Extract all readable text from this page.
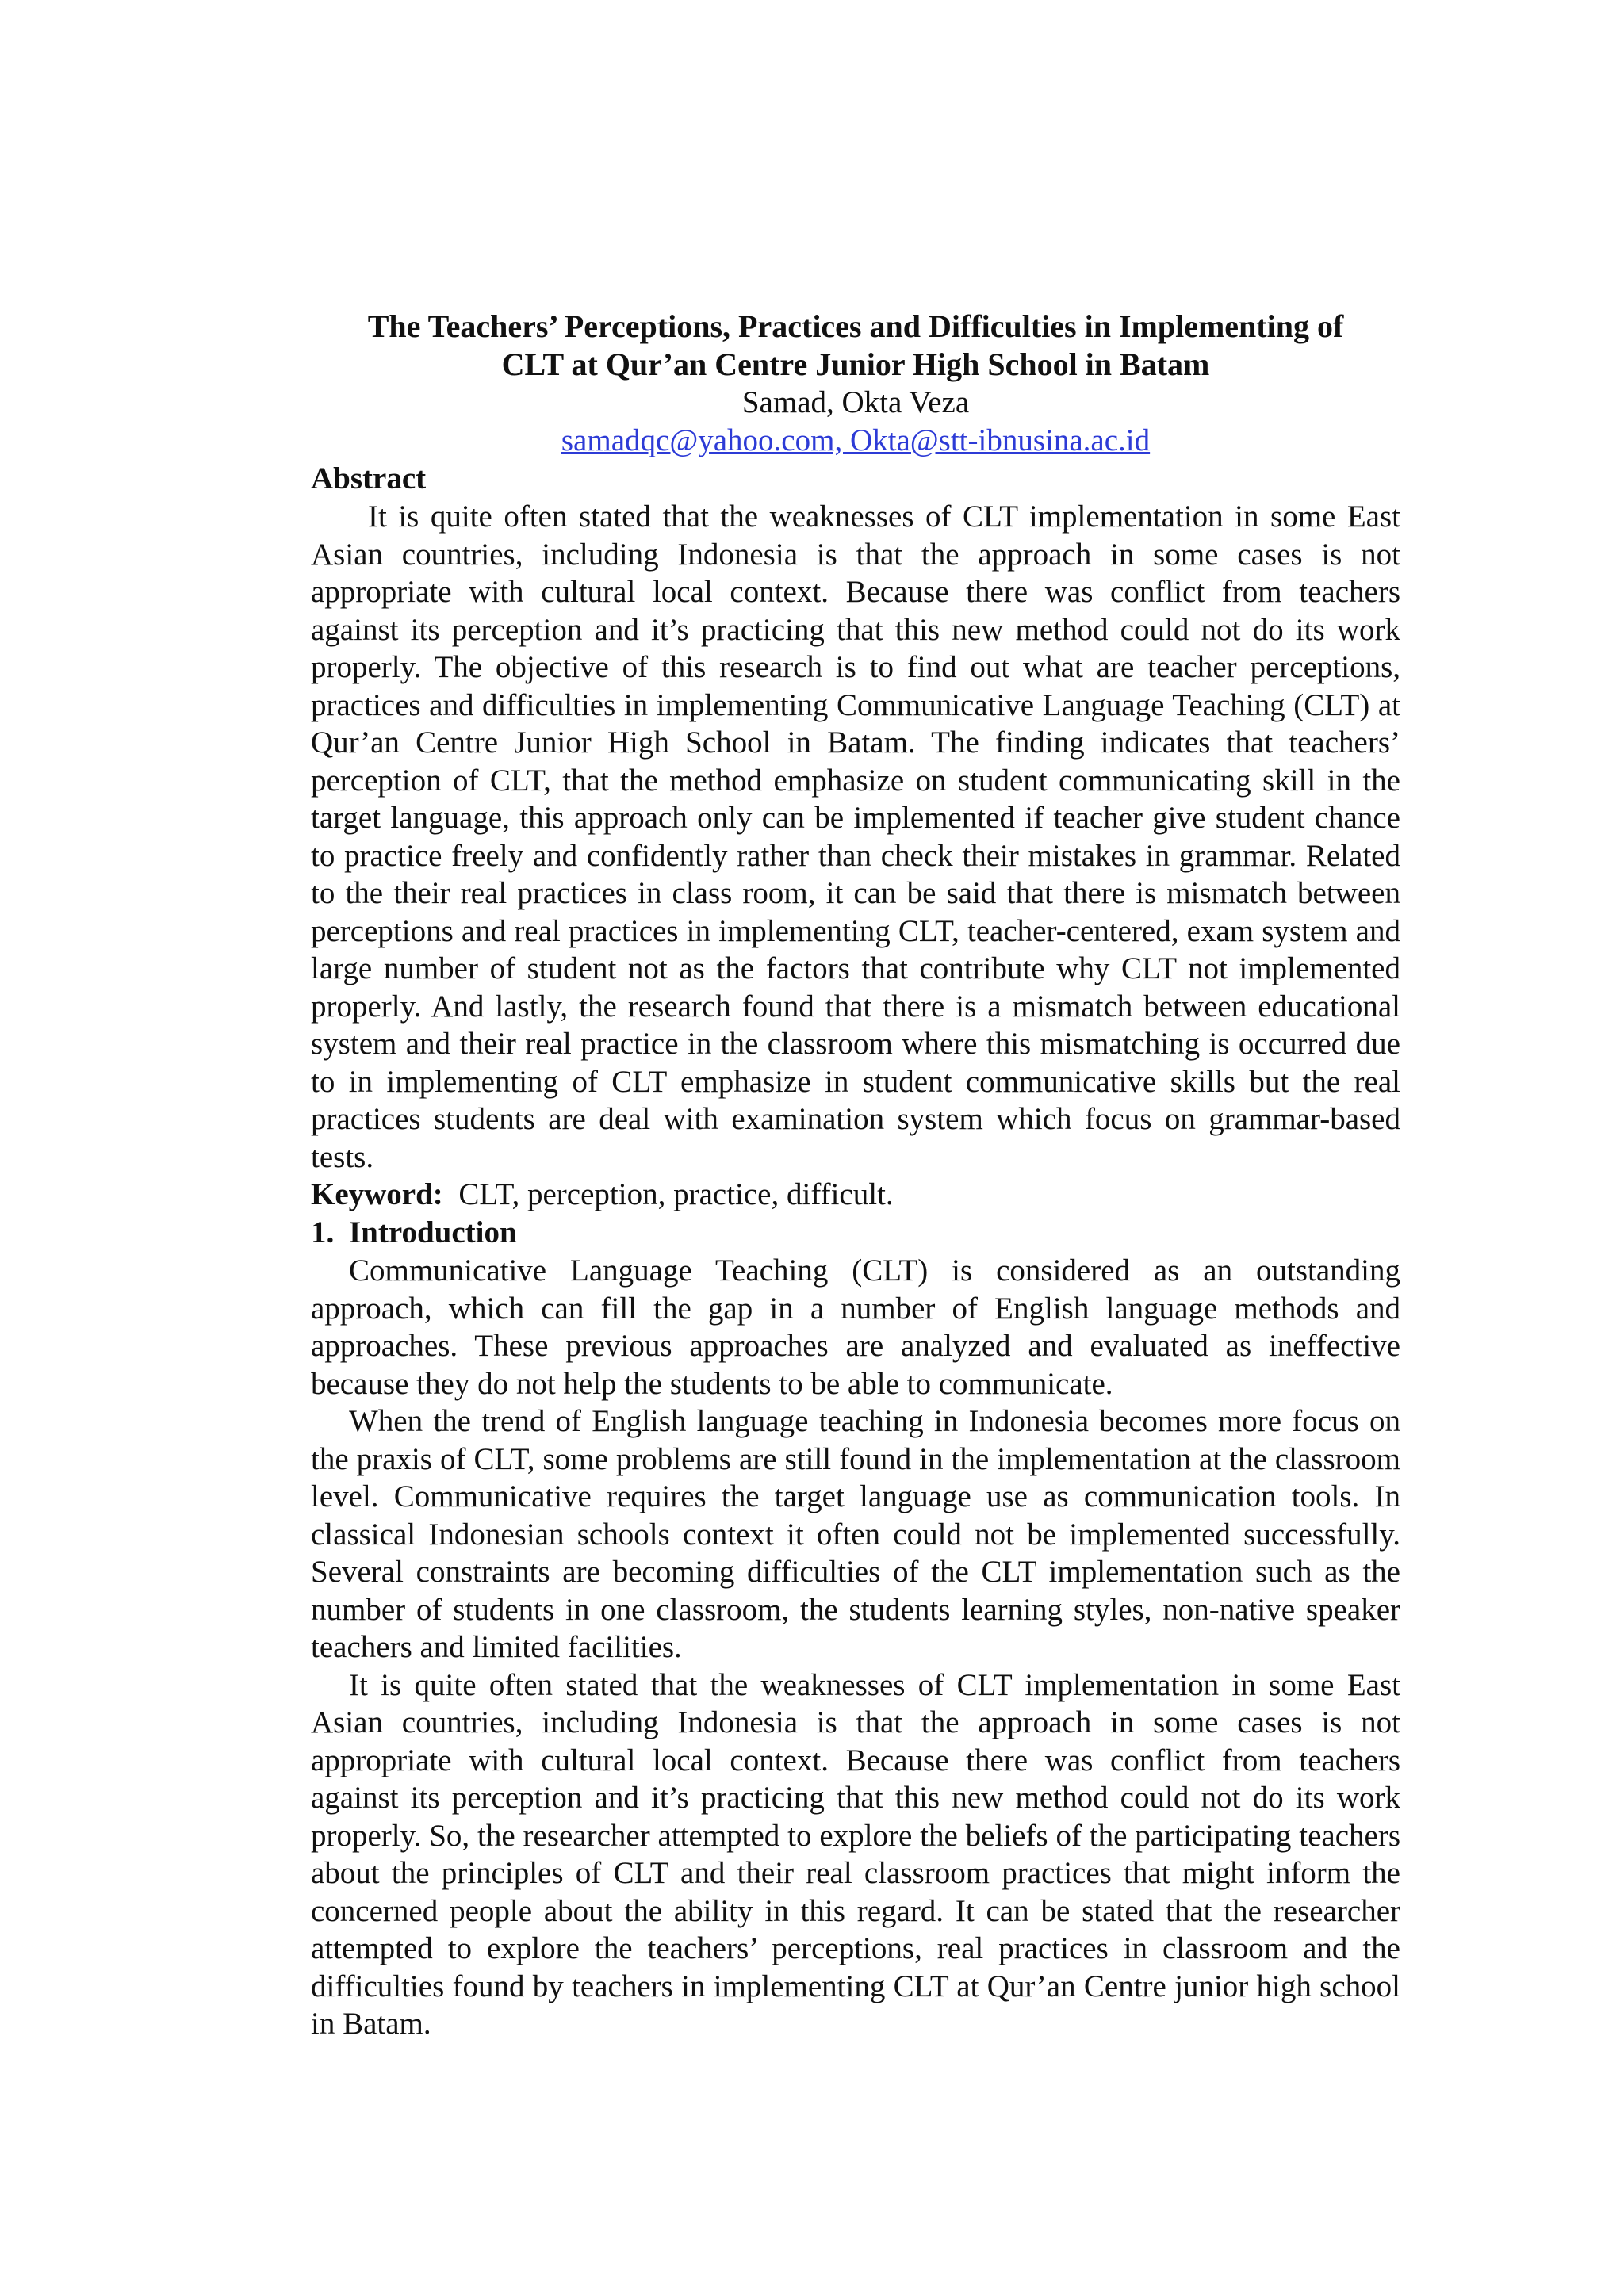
The Teachers’ Perceptions, Practices and Difficulties in Implementing of

CLT at Qur’an Centre Junior High School in Batam

Samad, Okta Veza

samadqc@yahoo.com, Okta@stt-ibnusina.ac.id

Abstract

It is quite often stated that the weaknesses of CLT implementation in some East Asian countries, including Indonesia is that the approach in some cases is not appropriate with cultural local context. Because there was conflict from teachers against its perception and it’s practicing that this new method could not do its work properly. The objective of this research is to find out what are teacher perceptions, practices and difficulties in implementing Communicative Language Teaching (CLT) at Qur’an Centre Junior High School in Batam. The finding indicates that teachers’ perception of CLT, that the method emphasize on student communicating skill in the target language, this approach only can be implemented if teacher give student chance to practice freely and confidently rather than check their mistakes in grammar. Related to the their real practices in class room, it can be said that there is mismatch between perceptions and real practices in implementing CLT, teacher-centered, exam system and large number of student not as the factors that contribute why CLT not implemented properly. And lastly, the research found that there is a mismatch between educational system and their real practice in the classroom where this mismatching is occurred due to in implementing of CLT emphasize in student communicative skills but the real practices students are deal with examination system which focus on grammar-based tests.

Keyword: CLT, perception, practice, difficult.

1. Introduction

Communicative Language Teaching (CLT) is considered as an outstanding approach, which can fill the gap in a number of English language methods and approaches. These previous approaches are analyzed and evaluated as ineffective because they do not help the students to be able to communicate.

When the trend of English language teaching in Indonesia becomes more focus on the praxis of CLT, some problems are still found in the implementation at the classroom level. Communicative requires the target language use as communication tools. In classical Indonesian schools context it often could not be implemented successfully. Several constraints are becoming difficulties of the CLT implementation such as the number of students in one classroom, the students learning styles, non-native speaker teachers and limited facilities.

It is quite often stated that the weaknesses of CLT implementation in some East Asian countries, including Indonesia is that the approach in some cases is not appropriate with cultural local context. Because there was conflict from teachers against its perception and it’s practicing that this new method could not do its work properly. So, the researcher attempted to explore the beliefs of the participating teachers about the principles of CLT and their real classroom practices that might inform the concerned people about the ability in this regard. It can be stated that the researcher attempted to explore the teachers’ perceptions, real practices in classroom and the difficulties found by teachers in implementing CLT at Qur’an Centre junior high school in Batam.
